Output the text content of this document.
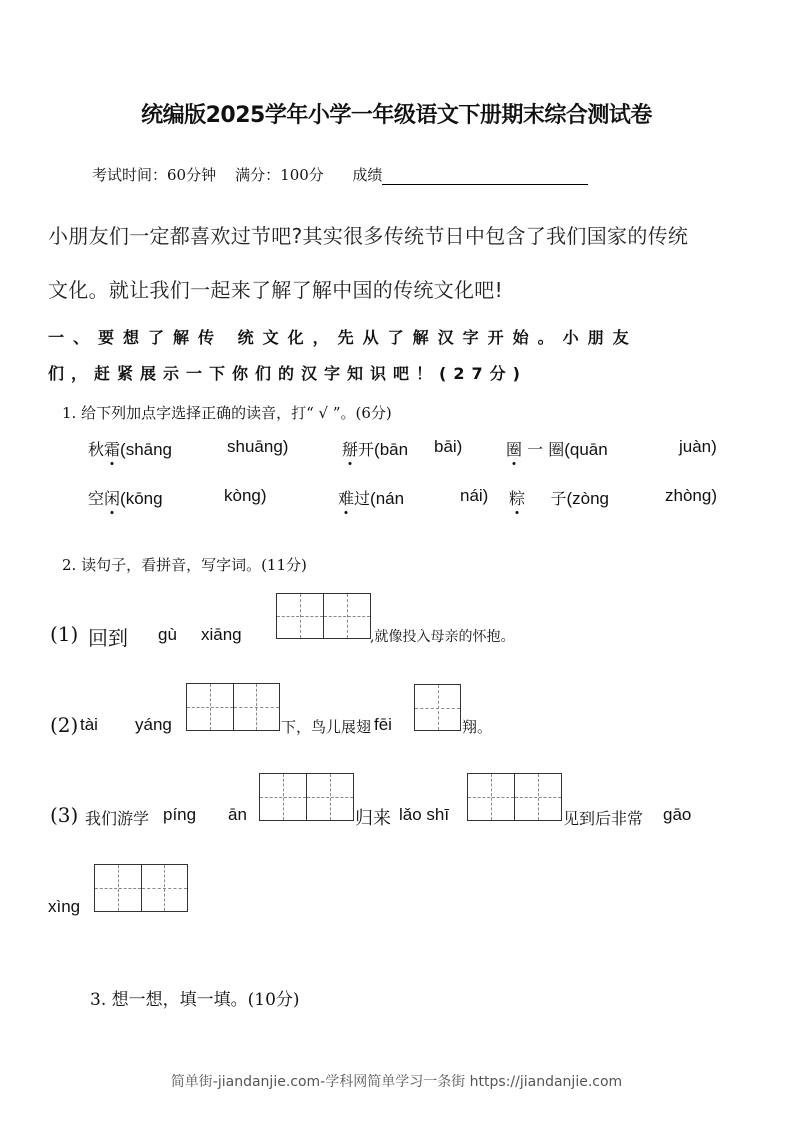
统编版2025学年小学一年级语文下册期末综合测试卷
考试时间：60分钟 满分：100分 成绩
小朋友们一定都喜欢过节吧?其实很多传统节日中包含了我们国家的传统
文化。就让我们一起来了解了解中国的传统文化吧!
一、要想了解传 统文化，先从了解汉字开始。小朋友
们，赶紧展示一下你们的汉字知识吧！(27分)
1. 给下列加点字选择正确的读音，打“ √ ”。(6分)
秋霜(shāng	shuāng)	掰开(bān bāi)	圈 一 圈(quān	juàn)
空闲(kōng	kòng)	难过(nán	nái) 粽     子(zòng	zhòng)
2. 读句子，看拼音，写字词。(11分)
(1) 回到 gù xiāng	,就像投入母亲的怀抱。
(2) tài yáng	下，鸟儿展翅 fēi	翔。
(3) 我们游学 píng ān	归来 lǎo shī	见到后非常 gāo
xìng
3. 想一想，填一填。(10分)
简单街-jiandanjie.com-学科网简单学习一条街 https://jiandanjie.com
